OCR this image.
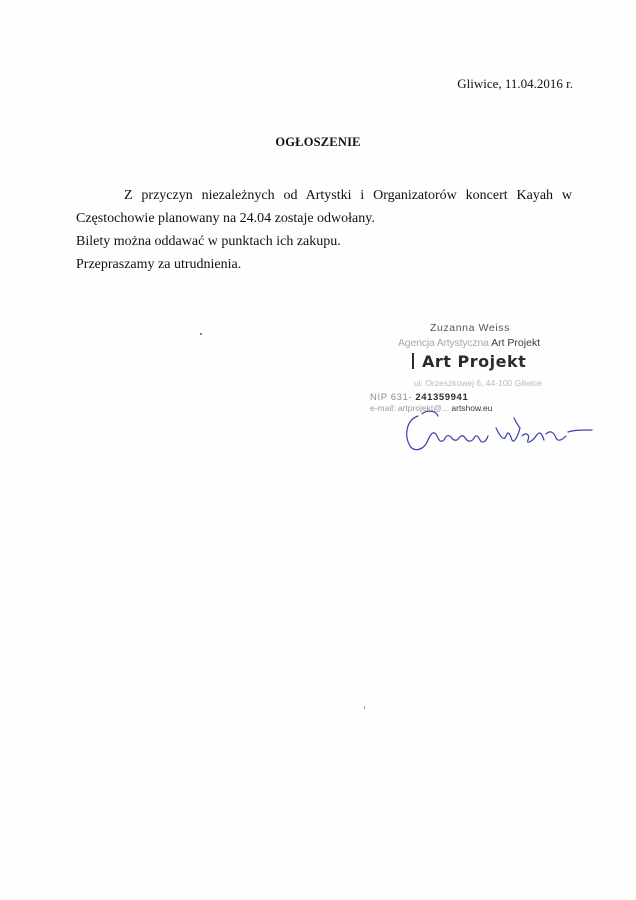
Gliwice, 11.04.2016 r.
OGŁOSZENIE

Z przyczyn niezależnych od Artystki i Organizatorów koncert Kayah w Częstochowie planowany na 24.04 zostaje odwołany.

Bilety można oddawać w punktach ich zakupu.

Przepraszamy za utrudnienia.

Zuzanna Weiss
Agencja Artystyczna Art Projekt
Art Projekt
ul. Orzeszkowej 6, 44-100 Gliwice
NIP 631- 241359941
e-mail: artprojekt@... artshow.eu
